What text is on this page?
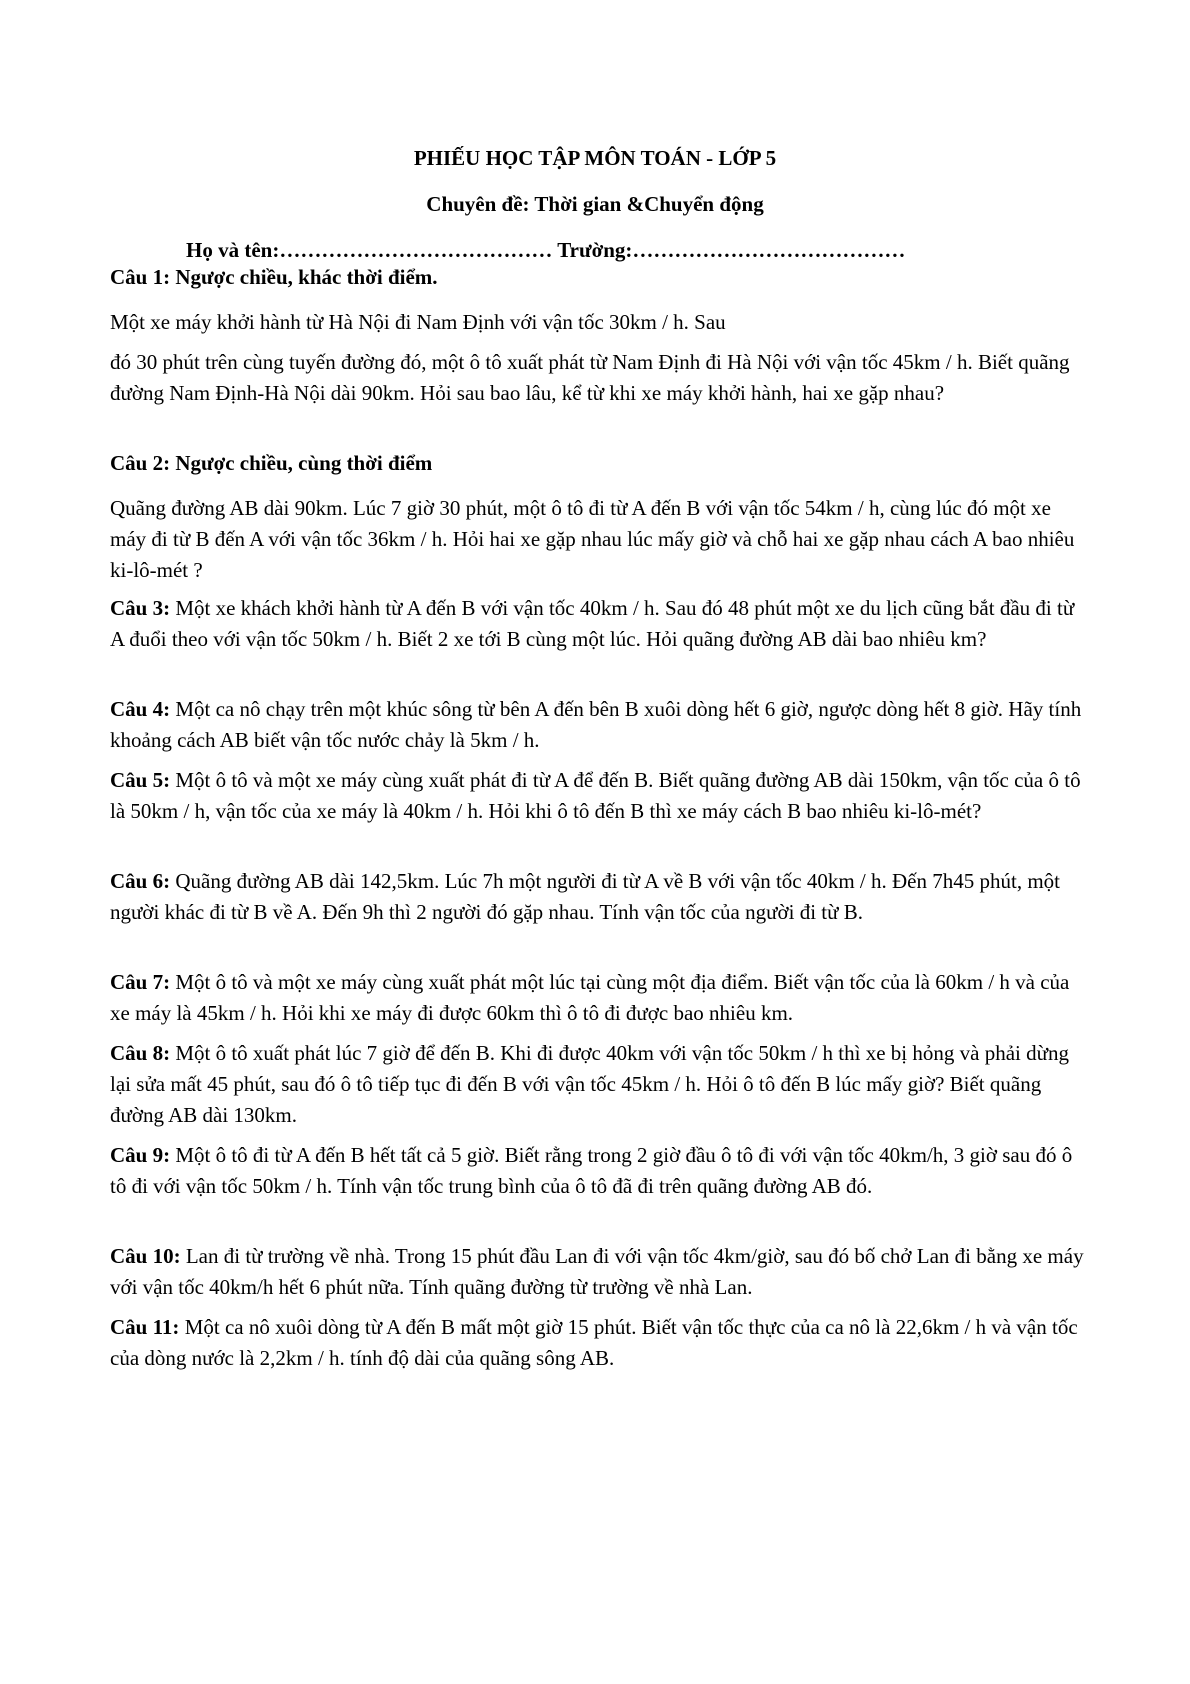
PHIẾU HỌC TẬP MÔN TOÁN - LỚP 5
Chuyên đề: Thời gian &Chuyển động
Họ và tên:………………………………… Trường:…………………………………

Câu 1: Ngược chiều, khác thời điểm.

Một xe máy khởi hành từ Hà Nội đi Nam Định với vận tốc 30km / h. Sau

đó 30 phút trên cùng tuyến đường đó, một ô tô xuất phát từ Nam Định đi Hà Nội với vận tốc 45km / h. Biết quãng đường Nam Định-Hà Nội dài 90km. Hỏi sau bao lâu, kể từ khi xe máy khởi hành, hai xe gặp nhau?

Câu 2: Ngược chiều, cùng thời điểm

Quãng đường AB dài 90km. Lúc 7 giờ 30 phút, một ô tô đi từ A đến B với vận tốc 54km / h, cùng lúc đó một xe máy đi từ B đến A với vận tốc 36km / h. Hỏi hai xe gặp nhau lúc mấy giờ và chỗ hai xe gặp nhau cách A bao nhiêu ki-lô-mét ?

Câu 3: Một xe khách khởi hành từ A đến B với vận tốc 40km / h. Sau đó 48 phút một xe du lịch cũng bắt đầu đi từ A đuổi theo với vận tốc 50km / h. Biết 2 xe tới B cùng một lúc. Hỏi quãng đường AB dài bao nhiêu km?

Câu 4: Một ca nô chạy trên một khúc sông từ bên A đến bên B xuôi dòng hết 6 giờ, ngược dòng hết 8 giờ. Hãy tính khoảng cách AB biết vận tốc nước chảy là 5km / h.

Câu 5: Một ô tô và một xe máy cùng xuất phát đi từ A để đến B. Biết quãng đường AB dài 150km, vận tốc của ô tô là 50km / h, vận tốc của xe máy là 40km / h. Hỏi khi ô tô đến B thì xe máy cách B bao nhiêu ki-lô-mét?

Câu 6: Quãng đường AB dài 142,5km. Lúc 7h một người đi từ A về B với vận tốc 40km / h. Đến 7h45 phút, một người khác đi từ B về A. Đến 9h thì 2 người đó gặp nhau. Tính vận tốc của người đi từ B.

Câu 7: Một ô tô và một xe máy cùng xuất phát một lúc tại cùng một địa điểm. Biết vận tốc của là 60km / h và của xe máy là 45km / h. Hỏi khi xe máy đi được 60km thì ô tô đi được bao nhiêu km.

Câu 8: Một ô tô xuất phát lúc 7 giờ để đến B. Khi đi được 40km với vận tốc 50km / h thì xe bị hỏng và phải dừng lại sửa mất 45 phút, sau đó ô tô tiếp tục đi đến B với vận tốc 45km / h. Hỏi ô tô đến B lúc mấy giờ? Biết quãng đường AB dài 130km.

Câu 9: Một ô tô đi từ A đến B hết tất cả 5 giờ. Biết rằng trong 2 giờ đầu ô tô đi với vận tốc 40km/h, 3 giờ sau đó ô tô đi với vận tốc 50km / h. Tính vận tốc trung bình của ô tô đã đi trên quãng đường AB đó.

Câu 10: Lan đi từ trường về nhà. Trong 15 phút đầu Lan đi với vận tốc 4km/giờ, sau đó bố chở Lan đi bằng xe máy với vận tốc 40km/h hết 6 phút nữa. Tính quãng đường từ trường về nhà Lan.

Câu 11: Một ca nô xuôi dòng từ A đến B mất một giờ 15 phút. Biết vận tốc thực của ca nô là 22,6km / h và vận tốc của dòng nước là 2,2km / h. tính độ dài của quãng sông AB.
